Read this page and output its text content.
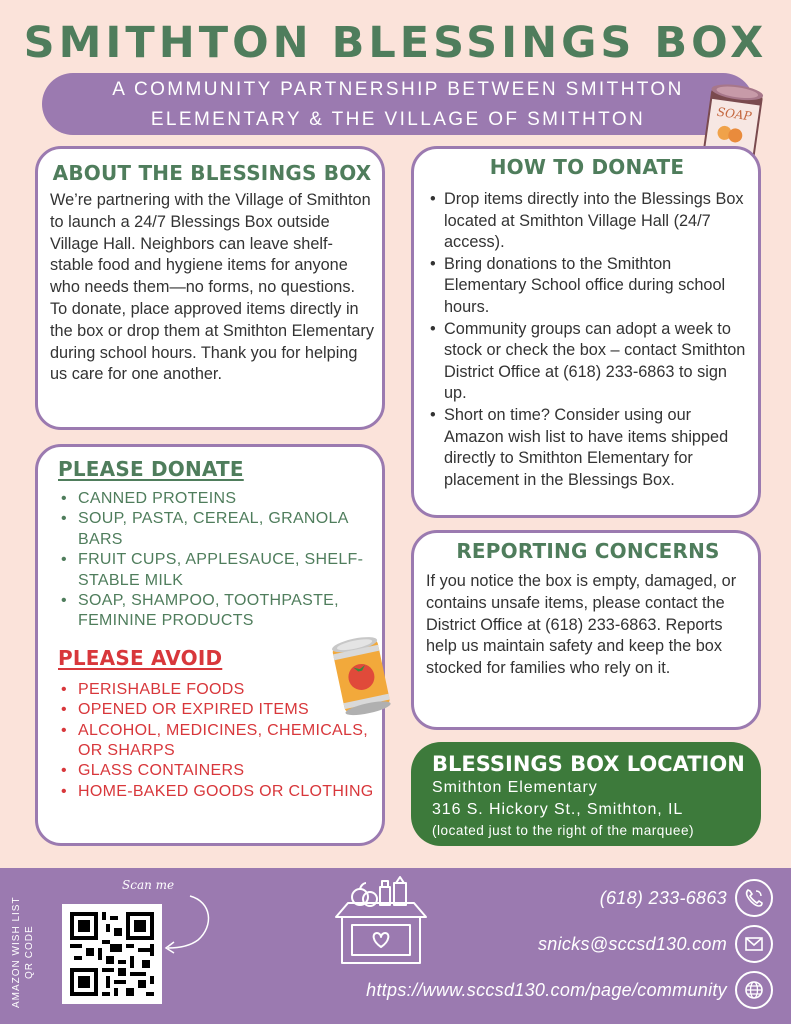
SMITHTON BLESSINGS BOX
A COMMUNITY PARTNERSHIP BETWEEN SMITHTON
ELEMENTARY & THE VILLAGE OF SMITHTON	SOAP
ABOUT THE BLESSINGS BOX

We’re partnering with the Village of Smithton to launch a 24/7 Blessings Box outside Village Hall. Neighbors can leave shelf-stable food and hygiene items for anyone who needs them—no forms, no questions. To donate, place approved items directly in the box or drop them at Smithton Elementary during school hours. Thank you for helping us care for one another.

HOW TO DONATE
• Drop items directly into the Blessings Box located at Smithton Village Hall (24/7 access).
• Bring donations to the Smithton Elementary School office during school hours.
• Community groups can adopt a week to stock or check the box – contact Smithton District Office at (618) 233-6863 to sign up.
• Short on time? Consider using our Amazon wish list to have items shipped directly to Smithton Elementary for placement in the Blessings Box.
PLEASE DONATE
• CANNED PROTEINS
• SOUP, PASTA, CEREAL, GRANOLA BARS
• FRUIT CUPS, APPLESAUCE, SHELF-STABLE MILK
• SOAP, SHAMPOO, TOOTHPASTE, FEMININE PRODUCTS
PLEASE AVOID
• PERISHABLE FOODS
• OPENED OR EXPIRED ITEMS
• ALCOHOL, MEDICINES, CHEMICALS, OR SHARPS
• GLASS CONTAINERS
• HOME-BAKED GOODS OR CLOTHING
REPORTING CONCERNS

If you notice the box is empty, damaged, or contains unsafe items, please contact the District Office at (618) 233-6863. Reports help us maintain safety and keep the box stocked for families who rely on it.

BLESSINGS BOX LOCATION
Smithton Elementary
316 S. Hickory St., Smithton, IL
(located just to the right of the marquee)
AMAZON WISH LIST QR CODE
Scan me
(618) 233-6863
snicks@sccsd130.com
https://www.sccsd130.com/page/community
